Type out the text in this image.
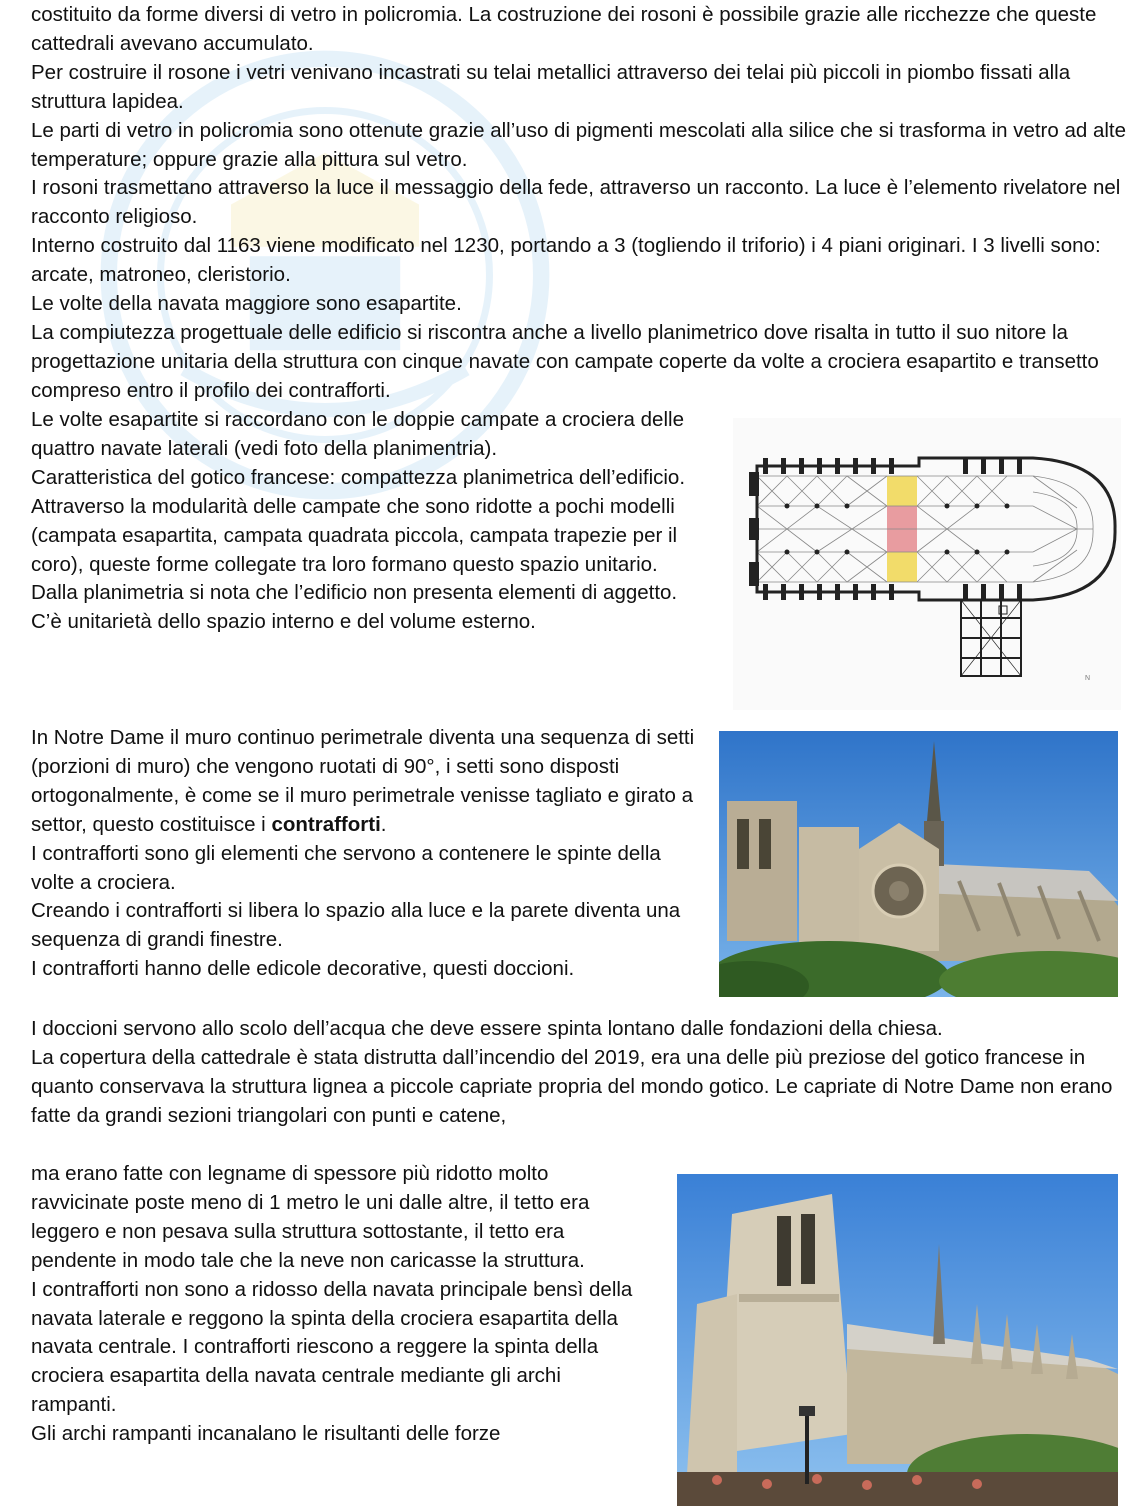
costituito da forme diversi di vetro in policromia. La costruzione dei rosoni è possibile grazie alle ricchezze che queste cattedrali avevano accumulato.

Per costruire il rosone i vetri venivano incastrati su telai metallici attraverso dei telai più piccoli in piombo fissati alla struttura lapidea.

Le parti di vetro in policromia sono ottenute grazie all’uso di pigmenti mescolati alla silice che si trasforma in vetro ad alte temperature; oppure grazie alla pittura sul vetro.

I rosoni trasmettano attraverso la luce il messaggio della fede, attraverso un racconto. La luce è l’elemento rivelatore nel racconto religioso.

Interno costruito dal 1163 viene modificato nel 1230, portando a 3 (togliendo il triforio) i 4 piani originari. I 3 livelli sono: arcate, matroneo, cleristorio.

Le volte della navata maggiore sono esapartite.

La compiutezza progettuale delle edificio si riscontra anche a livello planimetrico dove risalta in tutto il suo nitore la progettazione unitaria della struttura con cinque navate con campate coperte da volte a crociera esapartito e transetto compreso entro il profilo dei contrafforti.

Le volte esapartite si raccordano con le doppie campate a crociera delle quattro navate laterali (vedi foto della planimentria).

Caratteristica del gotico francese: compattezza planimetrica dell’edificio. Attraverso la modularità delle campate che sono ridotte a pochi modelli (campata esapartita, campata quadrata piccola, campata trapezie per il coro), queste forme collegate tra loro formano questo spazio unitario.

Dalla planimetria si nota che l’edificio non presenta elementi di aggetto. C’è unitarietà dello spazio interno e del volume esterno.

In Notre Dame il muro continuo perimetrale diventa una sequenza di setti (porzioni di muro) che vengono ruotati di 90°, i setti sono disposti ortogonalmente, è come se il muro perimetrale venisse tagliato e girato a settor, questo costituisce i contrafforti.

I contrafforti sono gli elementi che servono a contenere le spinte della volte a crociera.

Creando i contrafforti si libera lo spazio alla luce e la parete diventa una sequenza di grandi finestre.

I contrafforti hanno delle edicole decorative, questi doccioni.

I doccioni servono allo scolo dell’acqua che deve essere spinta lontano dalle fondazioni della chiesa.

La copertura della cattedrale è stata distrutta dall’incendio del 2019, era una delle più preziose del gotico francese in quanto conservava la struttura lignea a piccole capriate propria del mondo gotico. Le capriate di Notre Dame non erano fatte da grandi sezioni triangolari con punti e catene,

ma erano fatte con legname di spessore più ridotto molto ravvicinate poste meno di 1 metro le uni dalle altre, il tetto era leggero e non pesava sulla struttura sottostante, il tetto era pendente in modo tale che la neve non caricasse la struttura.

I contrafforti non sono a ridosso della navata principale bensì della navata laterale e reggono la spinta della crociera esapartita della navata centrale. I contrafforti riescono a reggere la spinta della crociera esapartita della navata centrale mediante gli archi rampanti.

Gli archi rampanti incanalano le risultanti delle forze

N
